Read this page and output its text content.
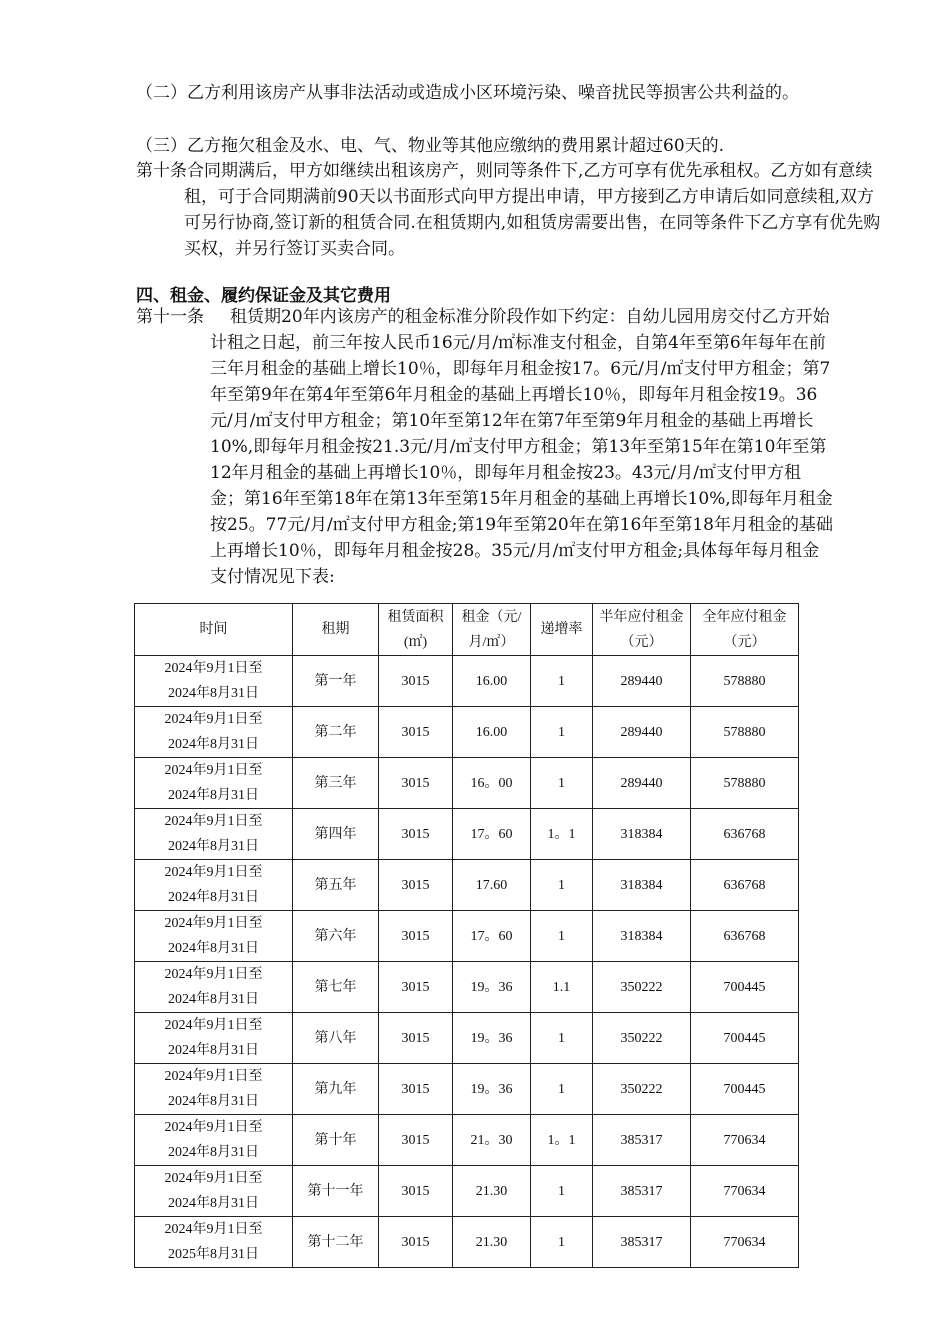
（二）乙方利用该房产从事非法活动或造成小区环境污染、噪音扰民等损害公共利益的。

（三）乙方拖欠租金及水、电、气、物业等其他应缴纳的费用累计超过60天的.

第十条合同期满后，甲方如继续出租该房产，则同等条件下,乙方可享有优先承租权。乙方如有意续租，可于合同期满前90天以书面形式向甲方提出申请，甲方接到乙方申请后如同意续租,双方可另行协商,签订新的租赁合同.在租赁期内,如租赁房需要出售，在同等条件下乙方享有优先购买权，并另行签订买卖合同。

四、租金、履约保证金及其它费用

第十一条	租赁期20年内该房产的租金标准分阶段作如下约定：自幼儿园用房交付乙方开始计租之日起，前三年按人民币16元/月/㎡标准支付租金，自第4年至第6年每年在前三年月租金的基础上增长10％，即每年月租金按17。6元/月/㎡支付甲方租金；第7年至第9年在第4年至第6年月租金的基础上再增长10％，即每年月租金按19。36元/月/㎡支付甲方租金；第10年至第12年在第7年至第9年月租金的基础上再增长10%,即每年月租金按21.3元/月/㎡支付甲方租金；第13年至第15年在第10年至第12年月租金的基础上再增长10％，即每年月租金按23。43元/月/㎡支付甲方租金；第16年至第18年在第13年至第15年月租金的基础上再增长10%,即每年月租金按25。77元/月/㎡支付甲方租金;第19年至第20年在第16年至第18年月租金的基础上再增长10％，即每年月租金按28。35元/月/㎡支付甲方租金;具体每年每月租金支付情况见下表:

时间	租期	租赁面积(㎡)	租金（元/月/㎡）	递增率	半年应付租金（元）	全年应付租金（元）
2024年9月1日至
2024年8月31日	第一年	3015	16.00	1	289440	578880
2024年9月1日至
2024年8月31日	第二年	3015	16.00	1	289440	578880
2024年9月1日至
2024年8月31日	第三年	3015	16。00	1	289440	578880
2024年9月1日至
2024年8月31日	第四年	3015	17。60	1。1	318384	636768
2024年9月1日至
2024年8月31日	第五年	3015	17.60	1	318384	636768
2024年9月1日至
2024年8月31日	第六年	3015	17。60	1	318384	636768
2024年9月1日至
2024年8月31日	第七年	3015	19。36	1.1	350222	700445
2024年9月1日至
2024年8月31日	第八年	3015	19。36	1	350222	700445
2024年9月1日至
2024年8月31日	第九年	3015	19。36	1	350222	700445
2024年9月1日至
2024年8月31日	第十年	3015	21。30	1。1	385317	770634
2024年9月1日至
2024年8月31日	第十一年	3015	21.30	1	385317	770634
2024年9月1日至
2025年8月31日	第十二年	3015	21.30	1	385317	770634
